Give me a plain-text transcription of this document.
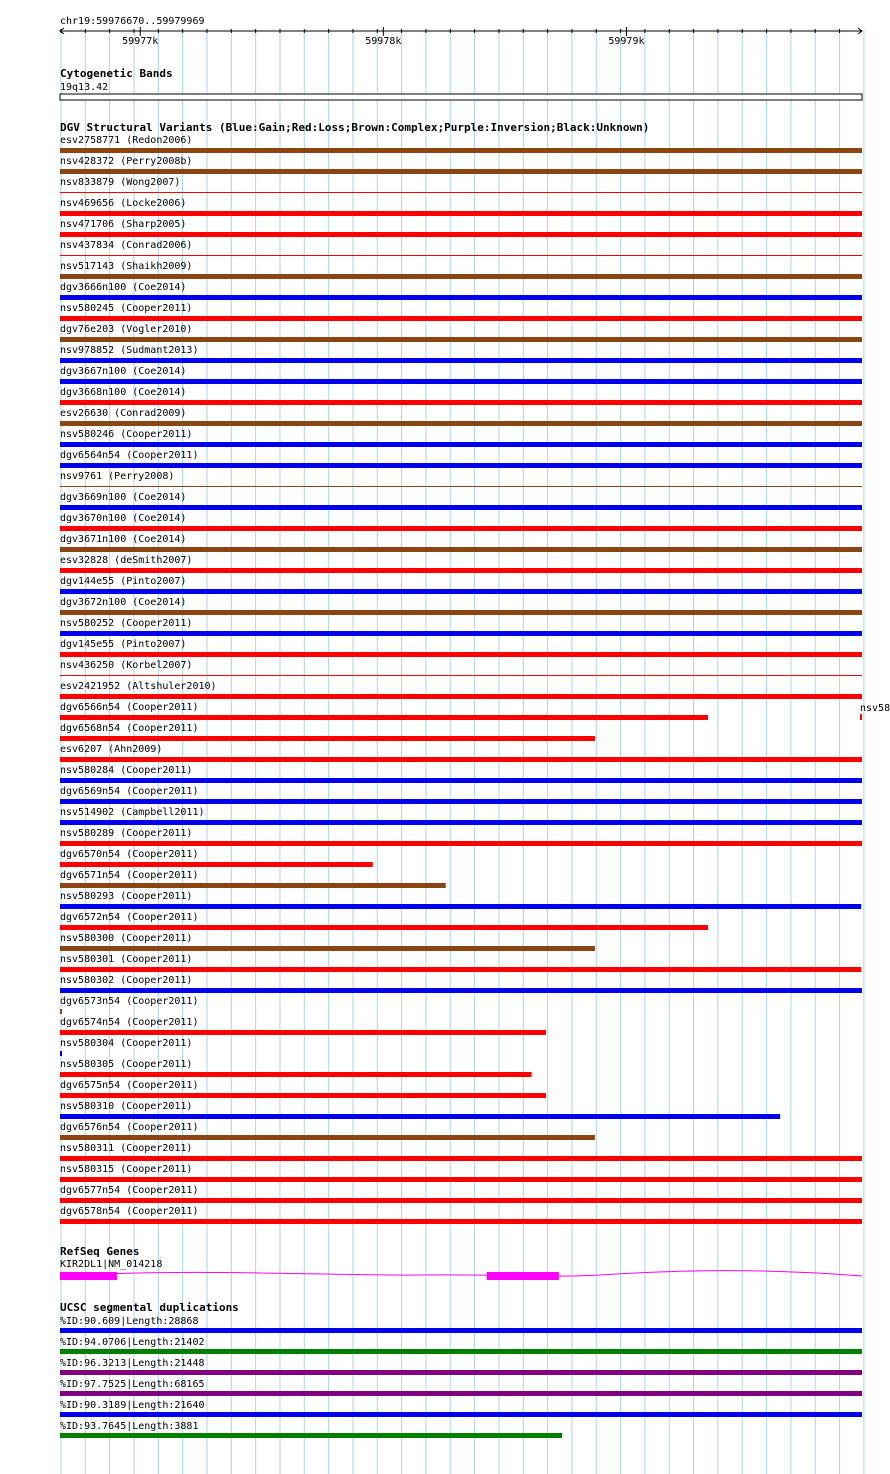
chr19:59976670..59979969
59977k	59978k	59979k
Cytogenetic Bands
19q13.42
DGV Structural Variants (Blue:Gain;Red:Loss;Brown:Complex;Purple:Inversion;Black:Unknown)
esv2758771 (Redon2006)
nsv428372 (Perry2008b)
nsv833879 (Wong2007)
nsv469656 (Locke2006)
nsv471706 (Sharp2005)
nsv437834 (Conrad2006)
nsv517143 (Shaikh2009)
dgv3666n100 (Coe2014)
nsv580245 (Cooper2011)
dgv76e203 (Vogler2010)
nsv978852 (Sudmant2013)
dgv3667n100 (Coe2014)
dgv3668n100 (Coe2014)
esv26630 (Conrad2009)
nsv580246 (Cooper2011)
dgv6564n54 (Cooper2011)
nsv9761 (Perry2008)
dgv3669n100 (Coe2014)
dgv3670n100 (Coe2014)
dgv3671n100 (Coe2014)
esv32828 (deSmith2007)
dgv144e55 (Pinto2007)
dgv3672n100 (Coe2014)
nsv580252 (Cooper2011)
dgv145e55 (Pinto2007)
nsv436250 (Korbel2007)
esv2421952 (Altshuler2010)
dgv6566n54 (Cooper2011)
dgv6568n54 (Cooper2011)
esv6207 (Ahn2009)
nsv580284 (Cooper2011)
dgv6569n54 (Cooper2011)
nsv514902 (Campbell2011)
nsv580289 (Cooper2011)
dgv6570n54 (Cooper2011)
dgv6571n54 (Cooper2011)
nsv580293 (Cooper2011)
dgv6572n54 (Cooper2011)
nsv580300 (Cooper2011)
nsv580301 (Cooper2011)
nsv580302 (Cooper2011)
dgv6573n54 (Cooper2011)
dgv6574n54 (Cooper2011)
nsv580304 (Cooper2011)
nsv580305 (Cooper2011)
dgv6575n54 (Cooper2011)
nsv580310 (Cooper2011)
dgv6576n54 (Cooper2011)
nsv580311 (Cooper2011)
nsv580315 (Cooper2011)
dgv6577n54 (Cooper2011)
dgv6578n54 (Cooper2011)
nsv58
RefSeq Genes
KIR2DL1|NM_014218
UCSC segmental duplications
%ID:90.609|Length:28868
%ID:94.0706|Length:21402
%ID:96.3213|Length:21448
%ID:97.7525|Length:68165
%ID:90.3189|Length:21640
%ID:93.7645|Length:3881
